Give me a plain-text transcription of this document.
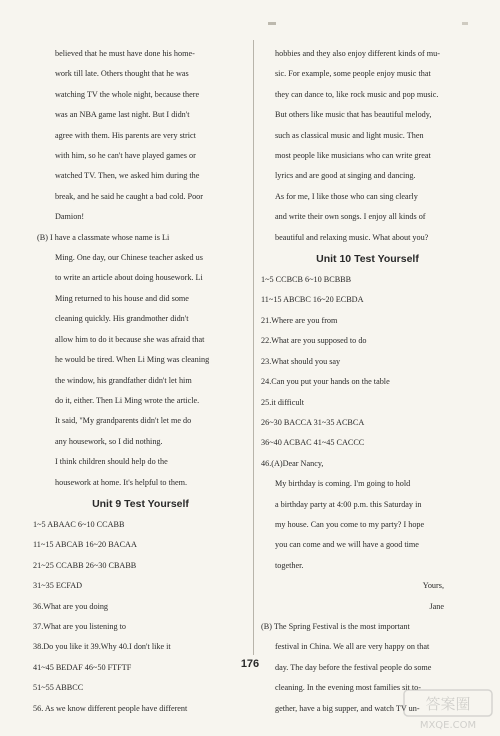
believed that he must have done his home-
work till late. Others thought that he was
watching TV the whole night, because there
was an NBA game last night. But I didn't
agree with them. His parents are very strict
with him, so he can't have played games or
watched TV. Then, we asked him during the
break, and he said he caught a bad cold. Poor
Damion!
(B) I have a classmate whose name is Li
Ming. One day, our Chinese teacher asked us
to write an article about doing housework. Li
Ming returned to his house and did some
cleaning quickly. His grandmother didn't
allow him to do it because she was afraid that
he would be tired. When Li Ming was cleaning
the window, his grandfather didn't let him
do it, either. Then Li Ming wrote the article.
It said, "My grandparents didn't let me do
any housework, so I did nothing.
I think children should help do the
housework at home. It's helpful to them.
Unit 9 Test Yourself
1~5 ABAAC 6~10 CCABB
11~15 ABCAB 16~20 BACAA
21~25 CCABB 26~30 CBABB
31~35 ECFAD
36.What are you doing
37.What are you listening to
38.Do you like it 39.Why 40.I don't like it
41~45 BEDAF 46~50 FTFTF
51~55 ABBCC
56. As we know different people have different
hobbies and they also enjoy different kinds of mu-
sic. For example, some people enjoy music that
they can dance to, like rock music and pop music.
But others like music that has beautiful melody,
such as classical music and light music. Then
most people like musicians who can write great
lyrics and are good at singing and dancing.
As for me, I like those who can sing clearly
and write their own songs. I enjoy all kinds of
beautiful and relaxing music. What about you?
Unit 10 Test Yourself
1~5 CCBCB 6~10 BCBBB
11~15 ABCBC 16~20 ECBDA
21.Where are you from
22.What are you supposed to do
23.What should you say
24.Can you put your hands on the table
25.it difficult
26~30 BACCA 31~35 ACBCA
36~40 ACBAC 41~45 CACCC
46.(A)Dear Nancy,
My birthday is coming. I'm going to hold
a birthday party at 4:00 p.m. this Saturday in
my house. Can you come to my party? I hope
you can come and we will have a good time
together.
Yours,
Jane
(B) The Spring Festival is the most important
festival in China. We all are very happy on that
day. The day before the festival people do some
cleaning. In the evening most families sit to-
gether, have a big supper, and watch TV un-
176
答案圈
MXQE.COM
